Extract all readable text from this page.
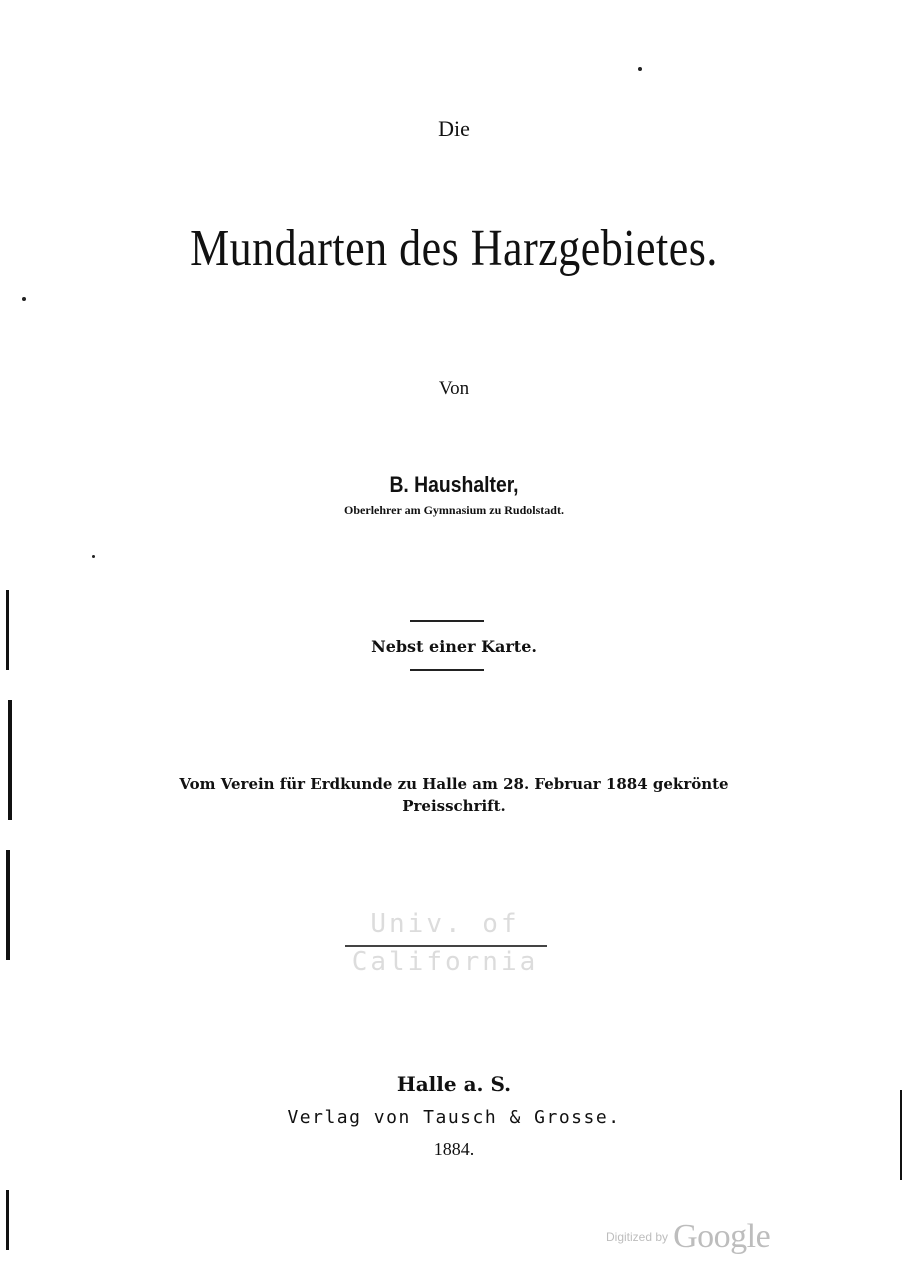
Die
Mundarten des Harzgebietes.
Von
B. Haushalter,
Oberlehrer am Gymnasium zu Rudolstadt.
Nebst einer Karte.
Vom Verein für Erdkunde zu Halle am 28. Februar 1884 gekrönte
Preisschrift.
Univ. of
California
Halle a. S.
Verlag von Tausch & Grosse.
1884.
$^{Digitized by}$ Google
